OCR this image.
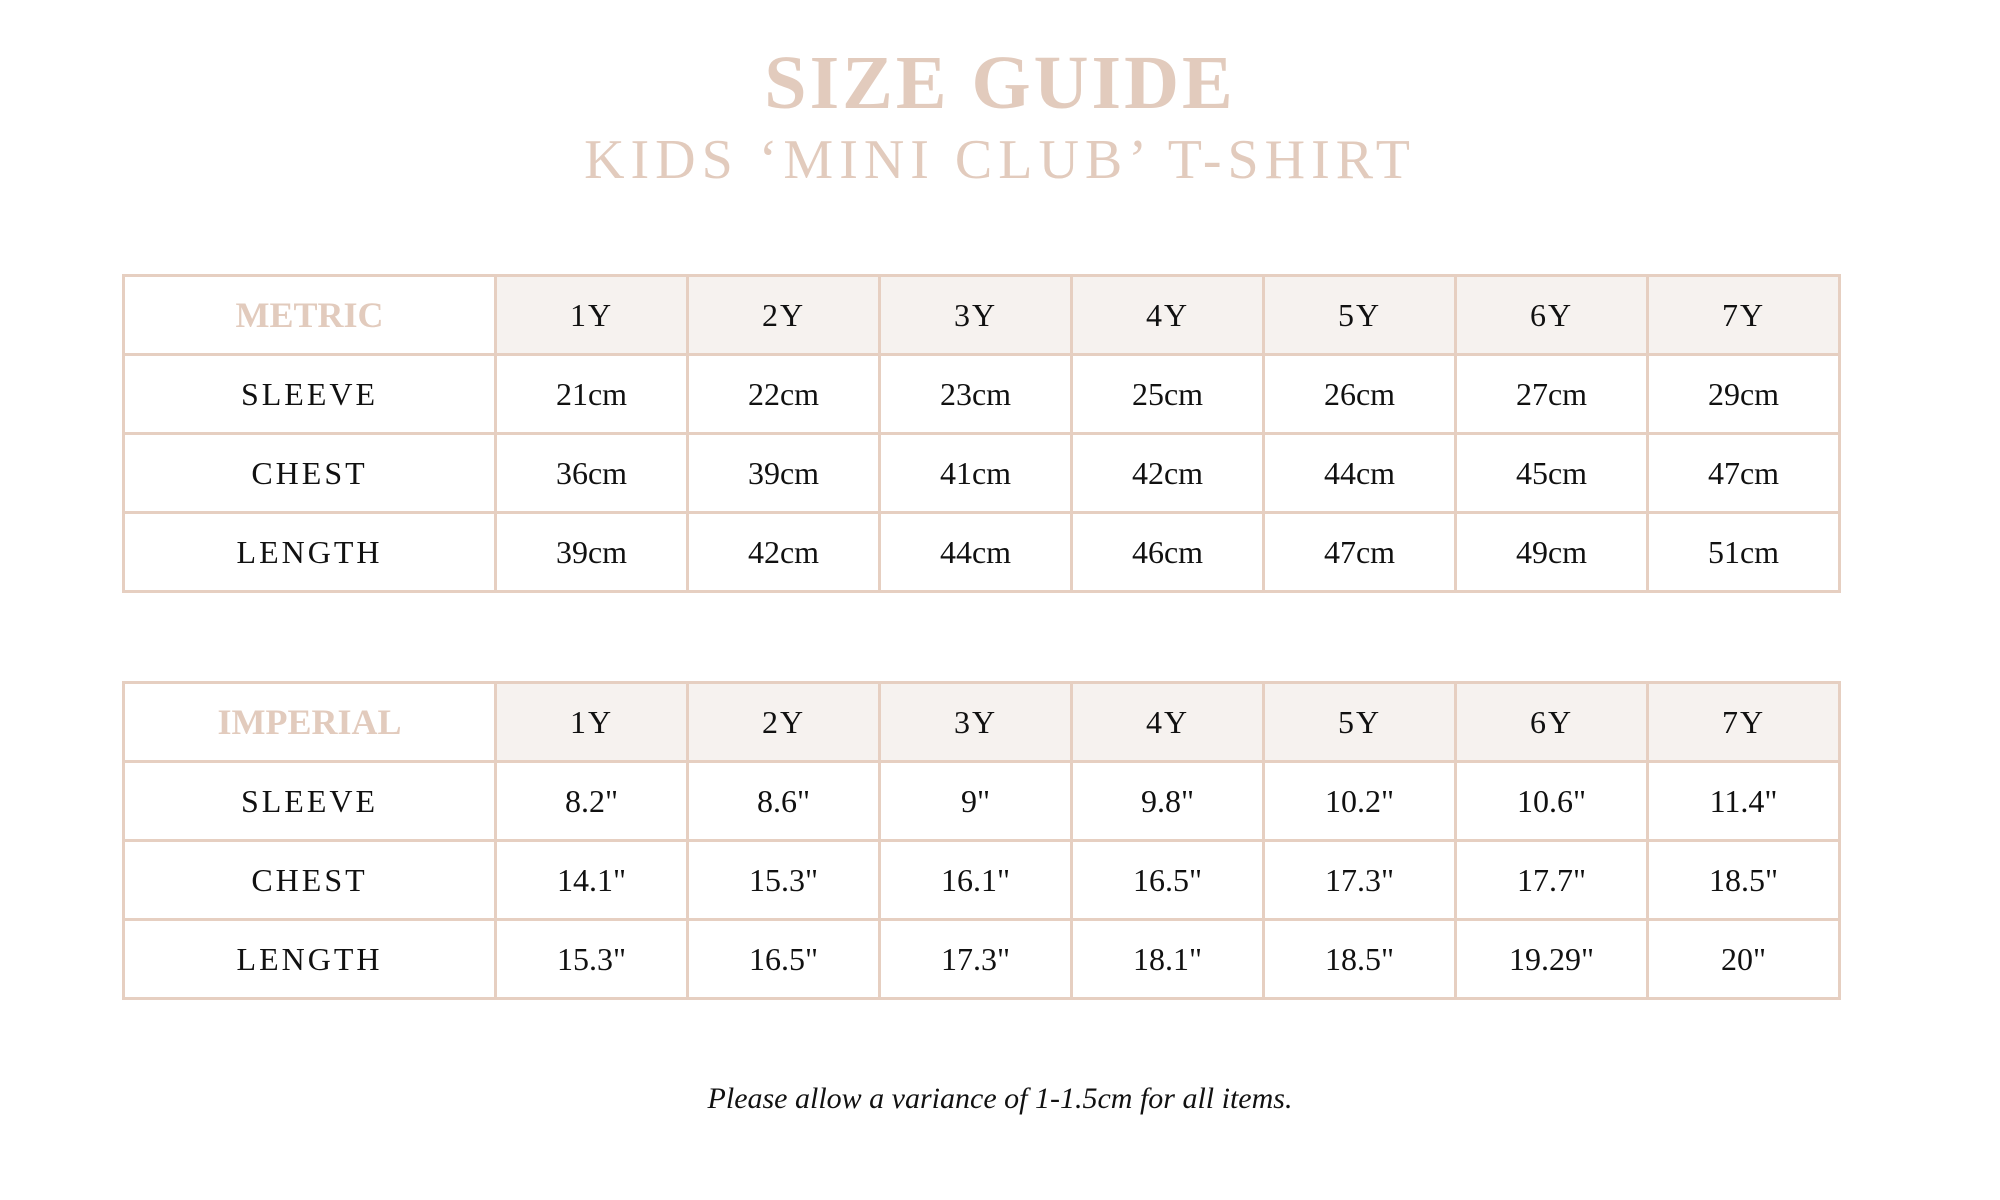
SIZE GUIDE
KIDS ‘MINI CLUB’ T-SHIRT
METRIC	1Y	2Y	3Y	4Y	5Y	6Y	7Y
SLEEVE	21cm	22cm	23cm	25cm	26cm	27cm	29cm
CHEST	36cm	39cm	41cm	42cm	44cm	45cm	47cm
LENGTH	39cm	42cm	44cm	46cm	47cm	49cm	51cm
IMPERIAL	1Y	2Y	3Y	4Y	5Y	6Y	7Y
SLEEVE	8.2"	8.6"	9"	9.8"	10.2"	10.6"	11.4"
CHEST	14.1"	15.3"	16.1"	16.5"	17.3"	17.7"	18.5"
LENGTH	15.3"	16.5"	17.3"	18.1"	18.5"	19.29"	20"
Please allow a variance of 1-1.5cm for all items.
